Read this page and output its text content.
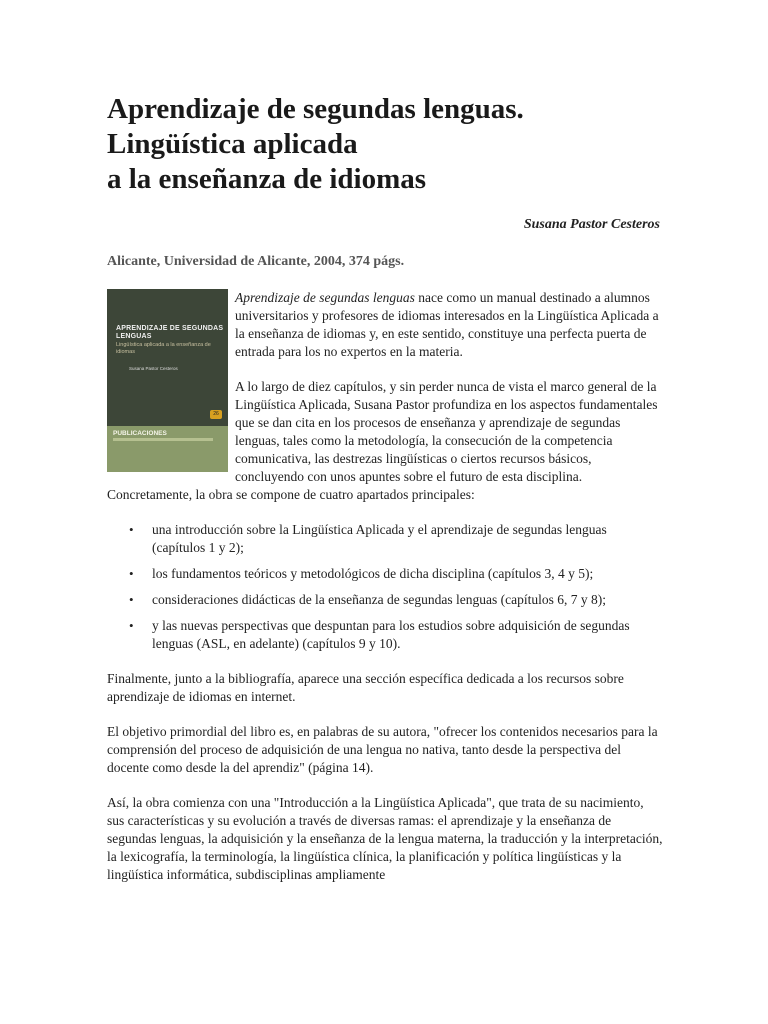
Aprendizaje de segundas lenguas.
Lingüística aplicada
a la enseñanza de idiomas
Susana Pastor Cesteros
Alicante, Universidad de Alicante, 2004, 374 págs.
APRENDIZAJE DE SEGUNDAS LENGUAS
Lingüística aplicada a la enseñanza de idiomas
Susana Pastor Cesteros
26
PUBLICACIONES

Aprendizaje de segundas lenguas nace como un manual destinado a alumnos universitarios y profesores de idiomas interesados en la Lingüística Aplicada a la enseñanza de idiomas y, en este sentido, constituye una perfecta puerta de entrada para los no expertos en la materia.

A lo largo de diez capítulos, y sin perder nunca de vista el marco general de la Lingüística Aplicada, Susana Pastor profundiza en los aspectos fundamentales que se dan cita en los procesos de enseñanza y aprendizaje de segundas lenguas, tales como la metodología, la consecución de la competencia comunicativa, las destrezas lingüísticas o ciertos recursos básicos, concluyendo con unos apuntes sobre el futuro de esta disciplina. Concretamente, la obra se compone de cuatro apartados principales:

• una introducción sobre la Lingüística Aplicada y el aprendizaje de segundas lenguas (capítulos 1 y 2);
• los fundamentos teóricos y metodológicos de dicha disciplina (capítulos 3, 4 y 5);
• consideraciones didácticas de la enseñanza de segundas lenguas (capítulos 6, 7 y 8);
• y las nuevas perspectivas que despuntan para los estudios sobre adquisición de segundas lenguas (ASL, en adelante) (capítulos 9 y 10).

Finalmente, junto a la bibliografía, aparece una sección específica dedicada a los recursos sobre aprendizaje de idiomas en internet.

El objetivo primordial del libro es, en palabras de su autora, "ofrecer los contenidos necesarios para la comprensión del proceso de adquisición de una lengua no nativa, tanto desde la perspectiva del docente como desde la del aprendiz" (página 14).

Así, la obra comienza con una "Introducción a la Lingüística Aplicada", que trata de su nacimiento, sus características y su evolución a través de diversas ramas: el aprendizaje y la enseñanza de segundas lenguas, la adquisición y la enseñanza de la lengua materna, la traducción y la interpretación, la lexicografía, la terminología, la lingüística clínica, la planificación y política lingüísticas y la lingüística informática, subdisciplinas ampliamente
